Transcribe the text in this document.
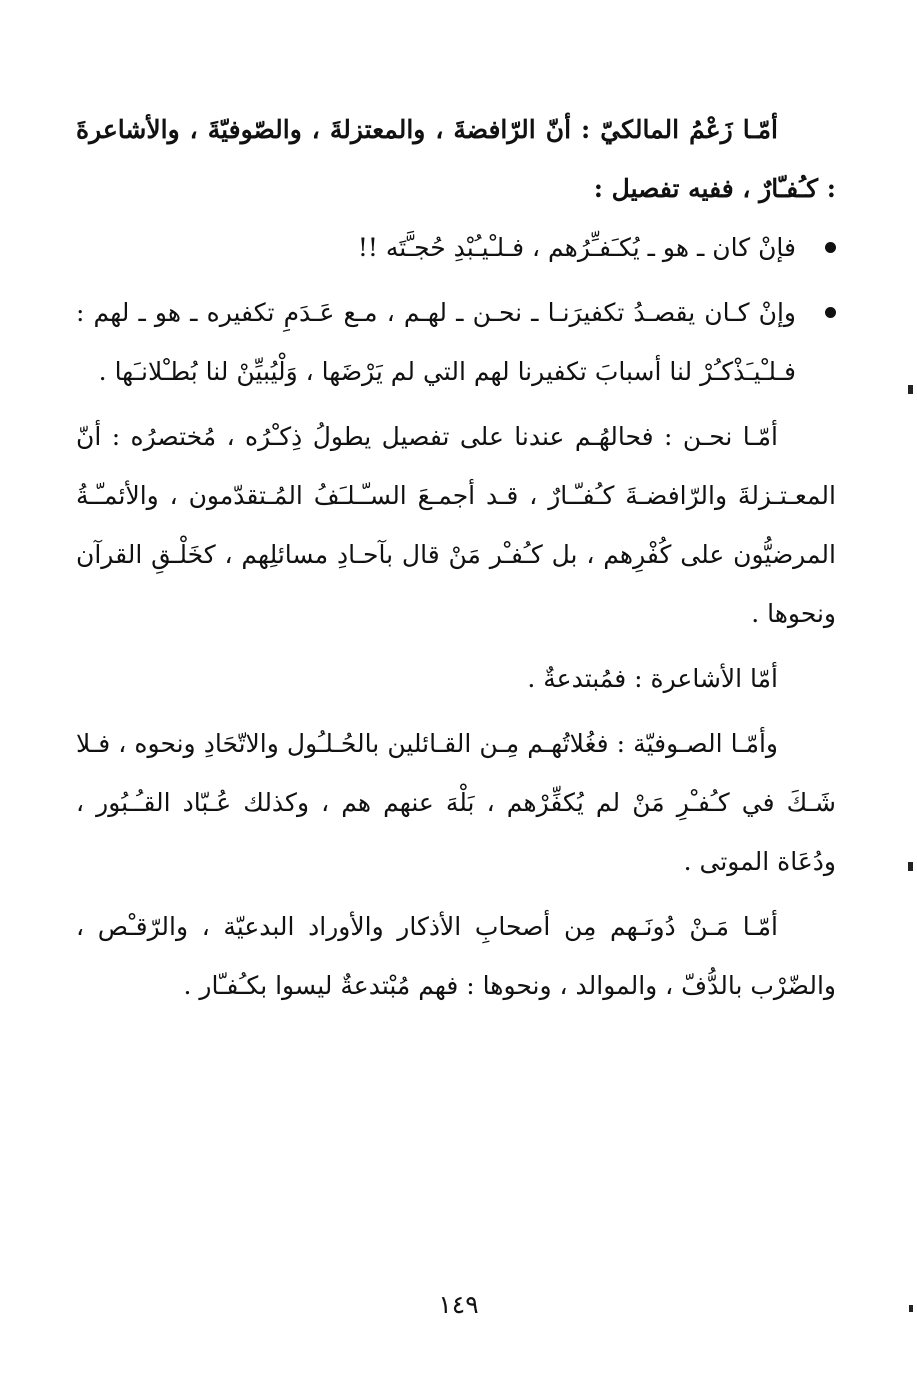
أمّـا زَعْمُ المالكيّ : أنّ الرّافضةَ ، والمعتزلةَ ، والصّوفيّةَ ، والأشاعرةَ : كـُفـّارٌ ، ففيه تفصيل :

فإنْ كان ـ هو ـ يُكـَفـِّرُهم ، فـلـْيـُبْدِ حُجـَّتَه !!
وإنْ كـان يقصـدُ تكفيرَنـا ـ نحـن ـ لهـم ، مـع عَـدَمِ تكفيره ـ هو ـ لهم : فـلـْيـَذْكـُرْ لنا أسبابَ تكفيرنا لهم التي لم يَرْضَها ، وَلْيُبيِّنْ لنا بُطـْلانـَها .

أمّـا نحـن : فحالهُـم عندنا على تفصيل يطولُ ذِكـْرُه ، مُختصرُه : أنّ المعـتـزلةَ والرّافضـةَ كـُفـّـارٌ ، قـد أجمـعَ السـّـلـَفُ المُـتقدّمون ، والأئمـّـةُ المرضيُّون على كُفْرِهم ، بل كـُفـْر مَنْ قال بآحـادِ مسائلِهم ، كخَلْـقِ القرآن ونحوها .

أمّا الأشاعرة : فمُبتدعةٌ .

وأمّـا الصـوفيّة : فغُلاتُهـم مِـن القـائلين بالحُـلـُول والاتّحَادِ ونحوه ، فـلا شَـكَ في كـُفـْرِ مَنْ لم يُكفِّرْهم ، بَلْهَ عنهم هم ، وكذلك عُـبّاد القـُـبُور ، ودُعَاة الموتى .

أمّـا مَـنْ دُونَـهم مِن أصحابِ الأذكار والأوراد البدعيّة ، والرّقـْص ، والضّرْب بالدُّفّ ، والموالد ، ونحوها : فهم مُبْتدعةٌ ليسوا بكـُفـّار .

١٤٩
